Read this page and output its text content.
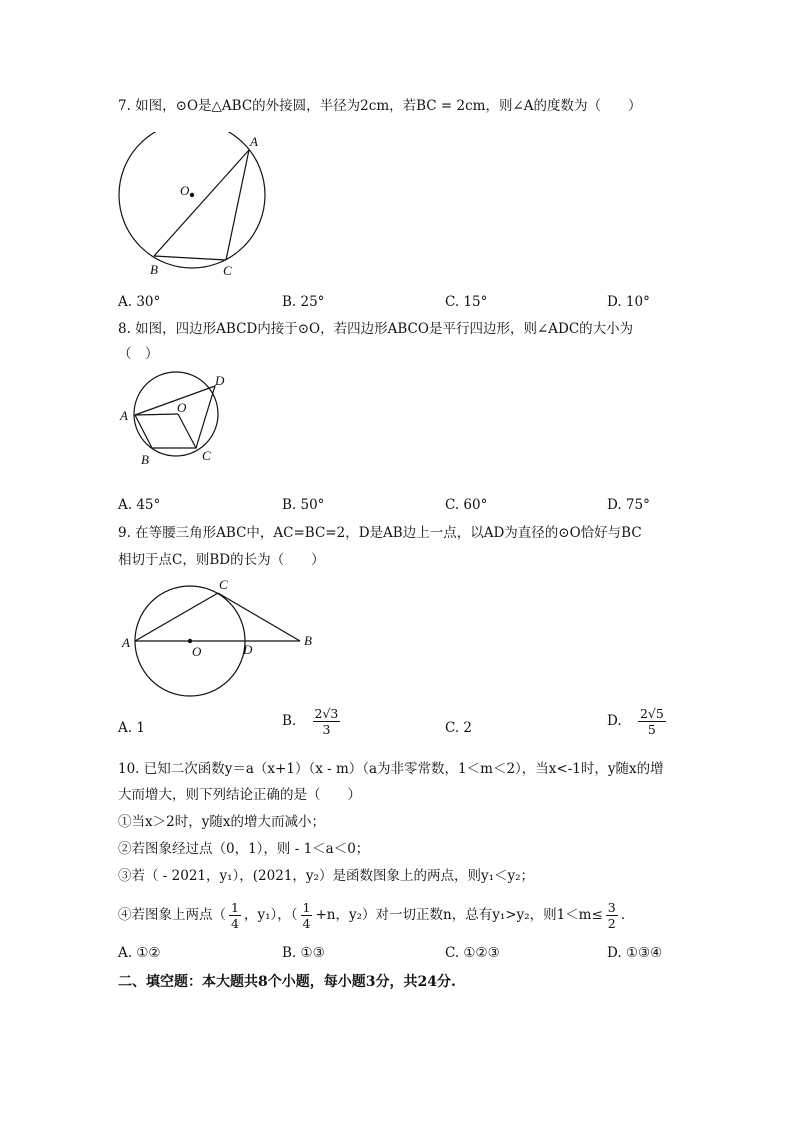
7. 如图，⊙O是△ABC的外接圆，半径为2cm，若BC = 2cm，则∠A的度数为（　　）
A
O
B	C
A. 30°	B. 25°	C. 15°	D. 10°
8. 如图，四边形ABCD内接于⊙O，若四边形ABCO是平行四边形，则∠ADC的大小为
（　）
A
O
D
B	C
A. 45°	B. 50°	C. 60°	D. 75°
9. 在等腰三角形ABC中，AC=BC=2，D是AB边上一点，以AD为直径的⊙O恰好与BC
相切于点C，则BD的长为（　　）
A
C
B
O	D
A. 1	B. $\frac{2√3}{3}$	C. 2	D. $\frac{2√5}{5}$
10. 已知二次函数y＝a（x+1）（x - m）（a为非零常数，1＜m＜2），当x<-1时，y随x的增
大而增大，则下列结论正确的是（　　）
①当x＞2时，y随x的增大而减小；
②若图象经过点（0，1），则 - 1＜a＜0；
③若（ - 2021，y₁），(2021，y₂）是函数图象上的两点，则y₁＜y₂；
④若图象上两点（ $\frac{1}{4}$ ，y₁），（ $\frac{1}{4} +n$，y₂）对一切正数n，总有y₁>y₂，则$1<m\le \frac{3}{2}$ .
A. ①②	B. ①③	C. ①②③	D. ①③④
二、填空题：本大题共8个小题，每小题3分，共24分.
